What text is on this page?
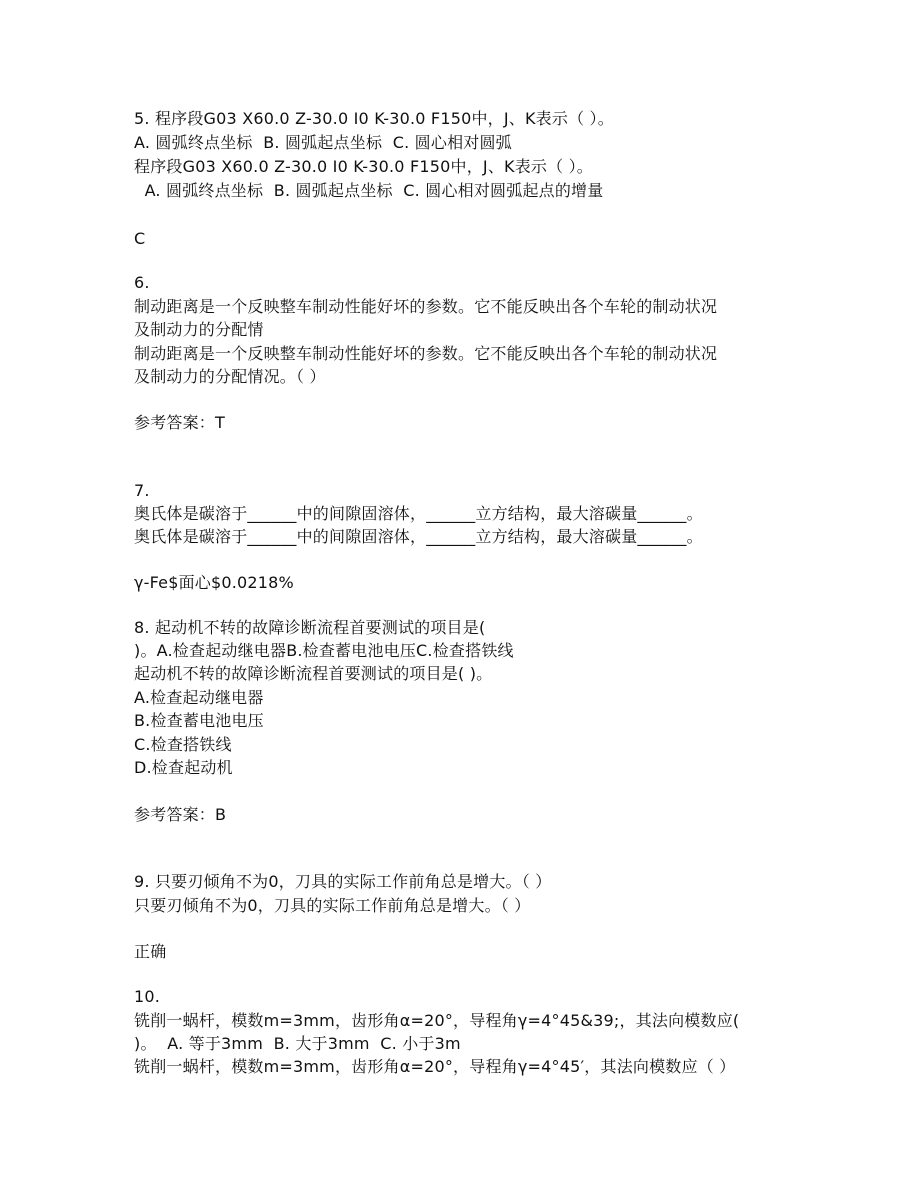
5. 程序段G03 X60.0 Z-30.0 I0 K-30.0 F150中，J、K表示（ ）。
A. 圆弧终点坐标  B. 圆弧起点坐标  C. 圆心相对圆弧
程序段G03 X60.0 Z-30.0 I0 K-30.0 F150中，J、K表示（ ）。
A. 圆弧终点坐标  B. 圆弧起点坐标  C. 圆心相对圆弧起点的增量
C
6.
制动距离是一个反映整车制动性能好坏的参数。它不能反映出各个车轮的制动状况
及制动力的分配情
制动距离是一个反映整车制动性能好坏的参数。它不能反映出各个车轮的制动状况
及制动力的分配情况。（ ）
参考答案：T
7.
奥氏体是碳溶于______中的间隙固溶体，______立方结构，最大溶碳量______。
奥氏体是碳溶于______中的间隙固溶体，______立方结构，最大溶碳量______。
γ-Fe$面心$0.0218%
8. 起动机不转的故障诊断流程首要测试的项目是(
)。A.检查起动继电器B.检查蓄电池电压C.检查搭铁线
起动机不转的故障诊断流程首要测试的项目是( )。
A.检查起动继电器
B.检查蓄电池电压
C.检查搭铁线
D.检查起动机
参考答案：B
9. 只要刃倾角不为0，刀具的实际工作前角总是增大。（ ）
只要刃倾角不为0，刀具的实际工作前角总是增大。（ ）
正确
10.
铣削一蜗杆，模数m=3mm，齿形角α=20°，导程角γ=4°45&39;，其法向模数应(
)。  A. 等于3mm  B. 大于3mm  C. 小于3m
铣削一蜗杆，模数m=3mm，齿形角α=20°，导程角γ=4°45′，其法向模数应（ ）
